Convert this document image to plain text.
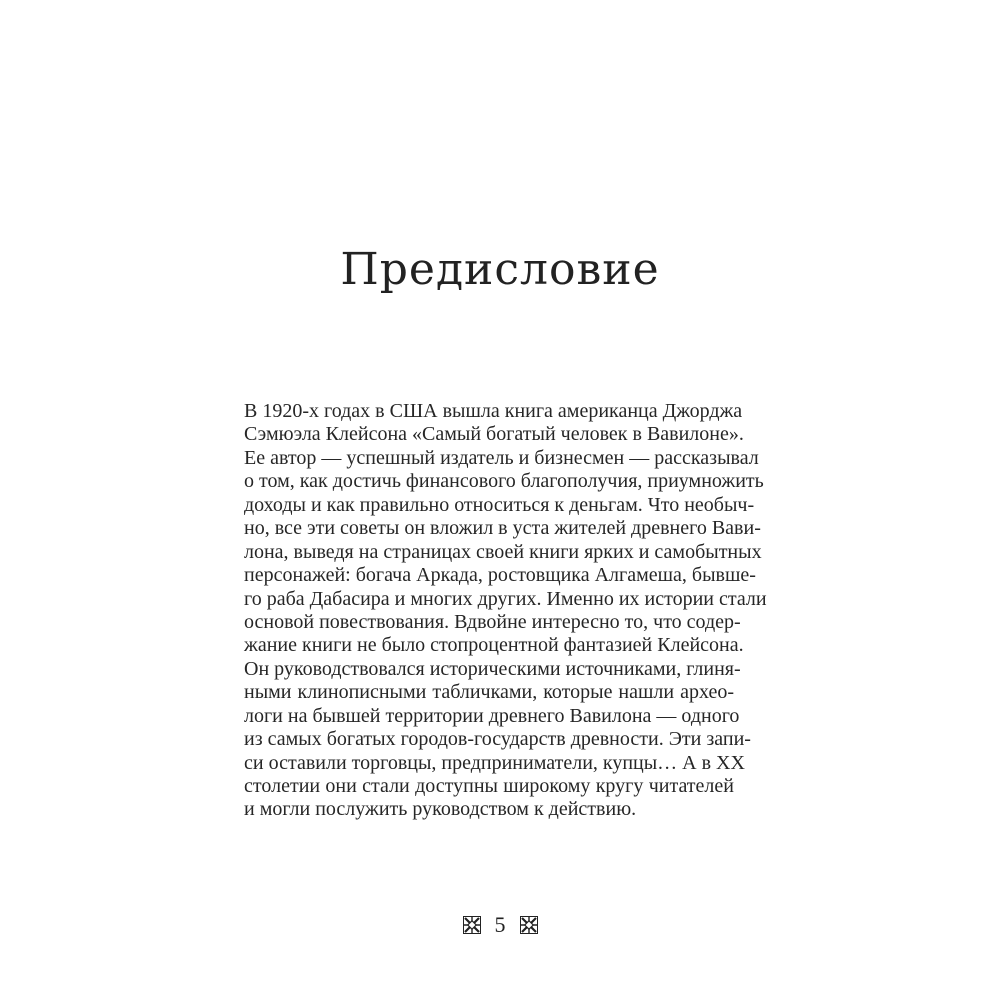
Предисловие
В 1920-х годах в США вышла книга американца Джорджа
Сэмюэла Клейсона «Самый богатый человек в Вавилоне».
Ее автор — успешный издатель и бизнесмен — рассказывал
о том, как достичь финансового благополучия, приумножить
доходы и как правильно относиться к деньгам. Что необыч-
но, все эти советы он вложил в уста жителей древнего Вави-
лона, выведя на страницах своей книги ярких и самобытных
персонажей: богача Аркада, ростовщика Алгамеша, бывше-
го раба Дабасира и многих других. Именно их истории стали
основой повествования. Вдвойне интересно то, что содер-
жание книги не было стопроцентной фантазией Клейсона.
Он руководствовался историческими источниками, глиня-
ными клинописными табличками, которые нашли архео-
логи на бывшей территории древнего Вавилона — одного
из самых богатых городов-государств древности. Эти запи-
си оставили торговцы, предприниматели, купцы… А в XX
столетии они стали доступны широкому кругу читателей
и могли послужить руководством к действию.
5
